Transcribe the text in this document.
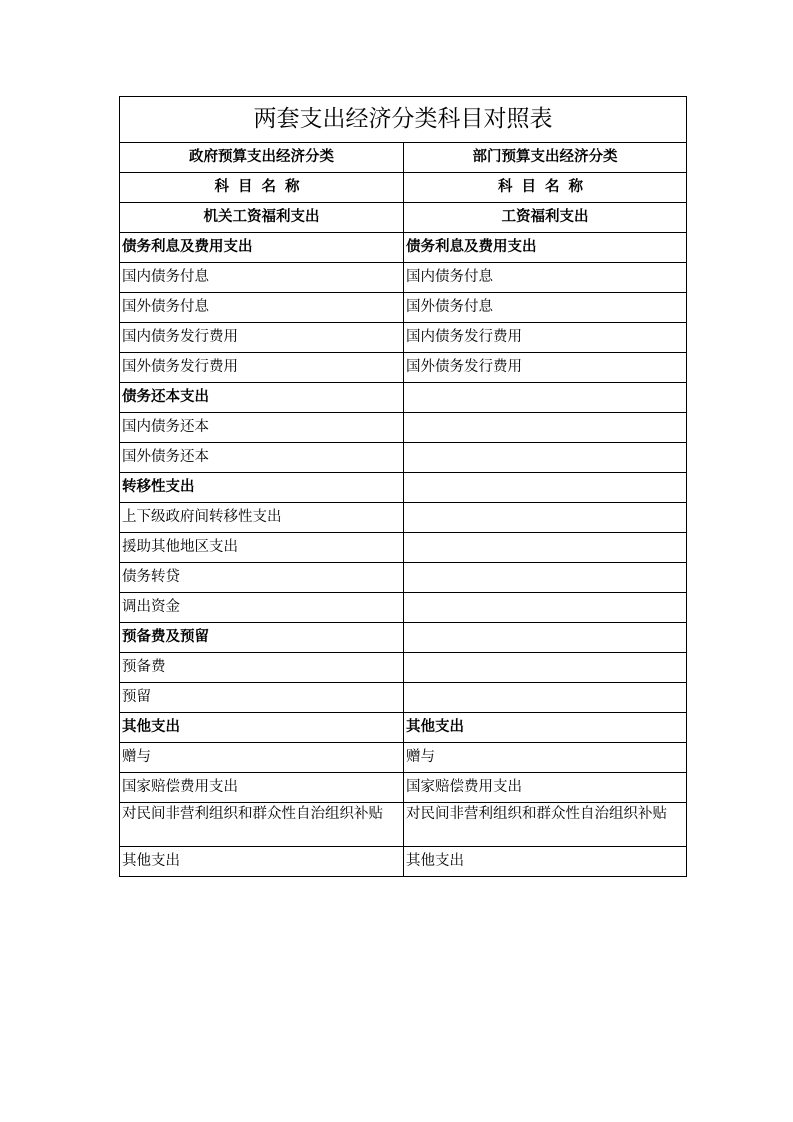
两套支出经济分类科目对照表	
政府预算支出经济分类	部门预算支出经济分类
科目名称	科目名称
机关工资福利支出	工资福利支出
债务利息及费用支出	债务利息及费用支出
国内债务付息	国内债务付息
国外债务付息	国外债务付息
国内债务发行费用	国内债务发行费用
国外债务发行费用	国外债务发行费用
债务还本支出	
国内债务还本	
国外债务还本	
转移性支出	
上下级政府间转移性支出	
援助其他地区支出	
债务转贷	
调出资金	
预备费及预留	
预备费	
预留	
其他支出	其他支出
赠与	赠与
国家赔偿费用支出	国家赔偿费用支出
对民间非营利组织和群众性自治组织补贴	对民间非营利组织和群众性自治组织补贴
其他支出	其他支出
